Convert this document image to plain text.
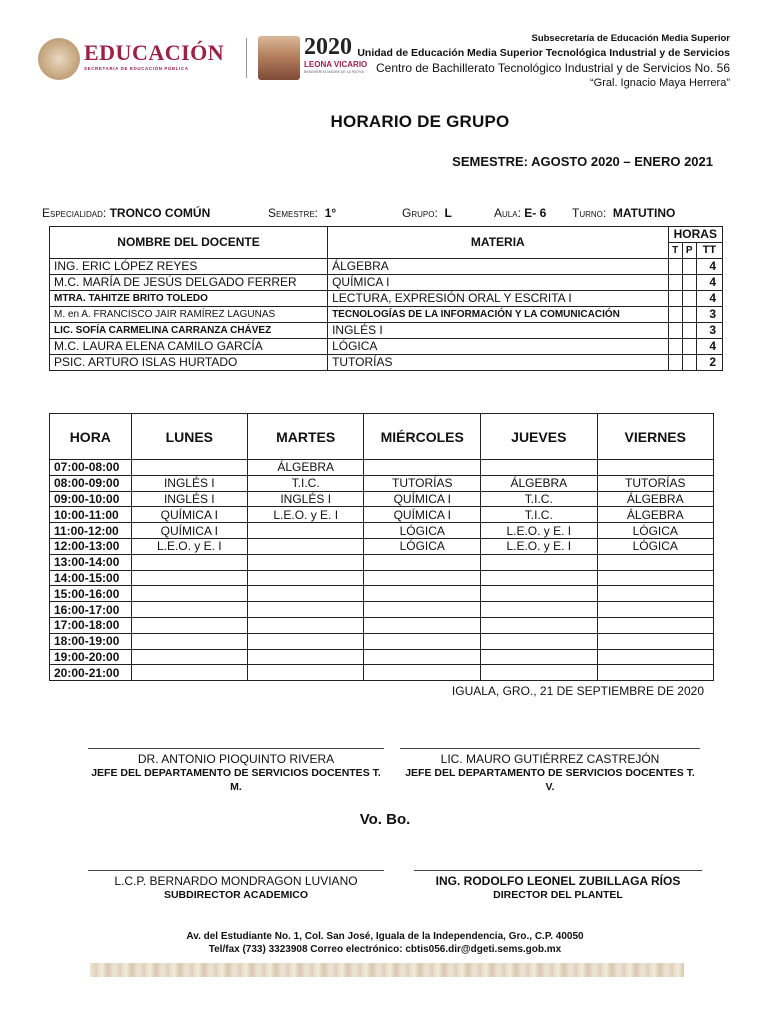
EDUCACIÓN
SECRETARÍA DE EDUCACIÓN PÚBLICA
2020
LEONA VICARIO
BENEMÉRITA MADRE DE LA PATRIA
Subsecretaría de Educación Media Superior
Unidad de Educación Media Superior Tecnológica Industrial y de Servicios
Centro de Bachillerato Tecnológico Industrial y de Servicios No. 56
“Gral. Ignacio Maya Herrera”
HORARIO DE GRUPO
SEMESTRE: AGOSTO 2020 – ENERO 2021
Especialidad: TRONCO COMÚN	Semestre: 1°	Grupo: L	Aula: E- 6 Turno: MATUTINO
NOMBRE DEL DOCENTE	MATERIA	HORAS		
		T	P	TT
ING. ERIC LÓPEZ REYES	ÁLGEBRA			4
M.C. MARÍA DE JESÚS DELGADO FERRER	QUÍMICA I			4
MTRA. TAHITZE BRITO TOLEDO	LECTURA, EXPRESIÓN ORAL Y ESCRITA I			4
M. en A. FRANCISCO JAIR RAMÍREZ LAGUNAS	TECNOLOGÍAS DE LA INFORMACIÓN Y LA COMUNICACIÓN			3
LIC. SOFÍA CARMELINA CARRANZA CHÁVEZ	INGLÉS I			3
M.C. LAURA ELENA CAMILO GARCÍA	LÓGICA			4
PSIC. ARTURO ISLAS HURTADO	TUTORÍAS			2
HORA	LUNES	MARTES	MIÉRCOLES	JUEVES	VIERNES
07:00-08:00		ÁLGEBRA			
08:00-09:00	INGLÉS I	T.I.C.	TUTORÍAS	ÁLGEBRA	TUTORÍAS
09:00-10:00	INGLÉS I	INGLÉS I	QUÍMICA I	T.I.C.	ÁLGEBRA
10:00-11:00	QUÍMICA I	L.E.O. y E. I	QUÍMICA I	T.I.C.	ÁLGEBRA
11:00-12:00	QUÍMICA I		LÓGICA	L.E.O. y E. I	LÓGICA
12:00-13:00	L.E.O. y E. I		LÓGICA	L.E.O. y E. I	LÓGICA
13:00-14:00					
14:00-15:00					
15:00-16:00					
16:00-17:00					
17:00-18:00					
18:00-19:00					
19:00-20:00					
20:00-21:00					
IGUALA, GRO., 21 DE SEPTIEMBRE DE 2020
DR. ANTONIO PIOQUINTO RIVERA
JEFE DEL DEPARTAMENTO DE SERVICIOS DOCENTES T. M.
LIC. MAURO GUTIÉRREZ CASTREJÓN
JEFE DEL DEPARTAMENTO DE SERVICIOS DOCENTES T. V.
Vo. Bo.
L.C.P. BERNARDO MONDRAGON LUVIANO
SUBDIRECTOR ACADEMICO
ING. RODOLFO LEONEL ZUBILLAGA RÍOS
DIRECTOR DEL PLANTEL
Av. del Estudiante No. 1, Col. San José, Iguala de la Independencia, Gro., C.P. 40050
Tel/fax (733) 3323908 Correo electrónico: cbtis056.dir@dgeti.sems.gob.mx
